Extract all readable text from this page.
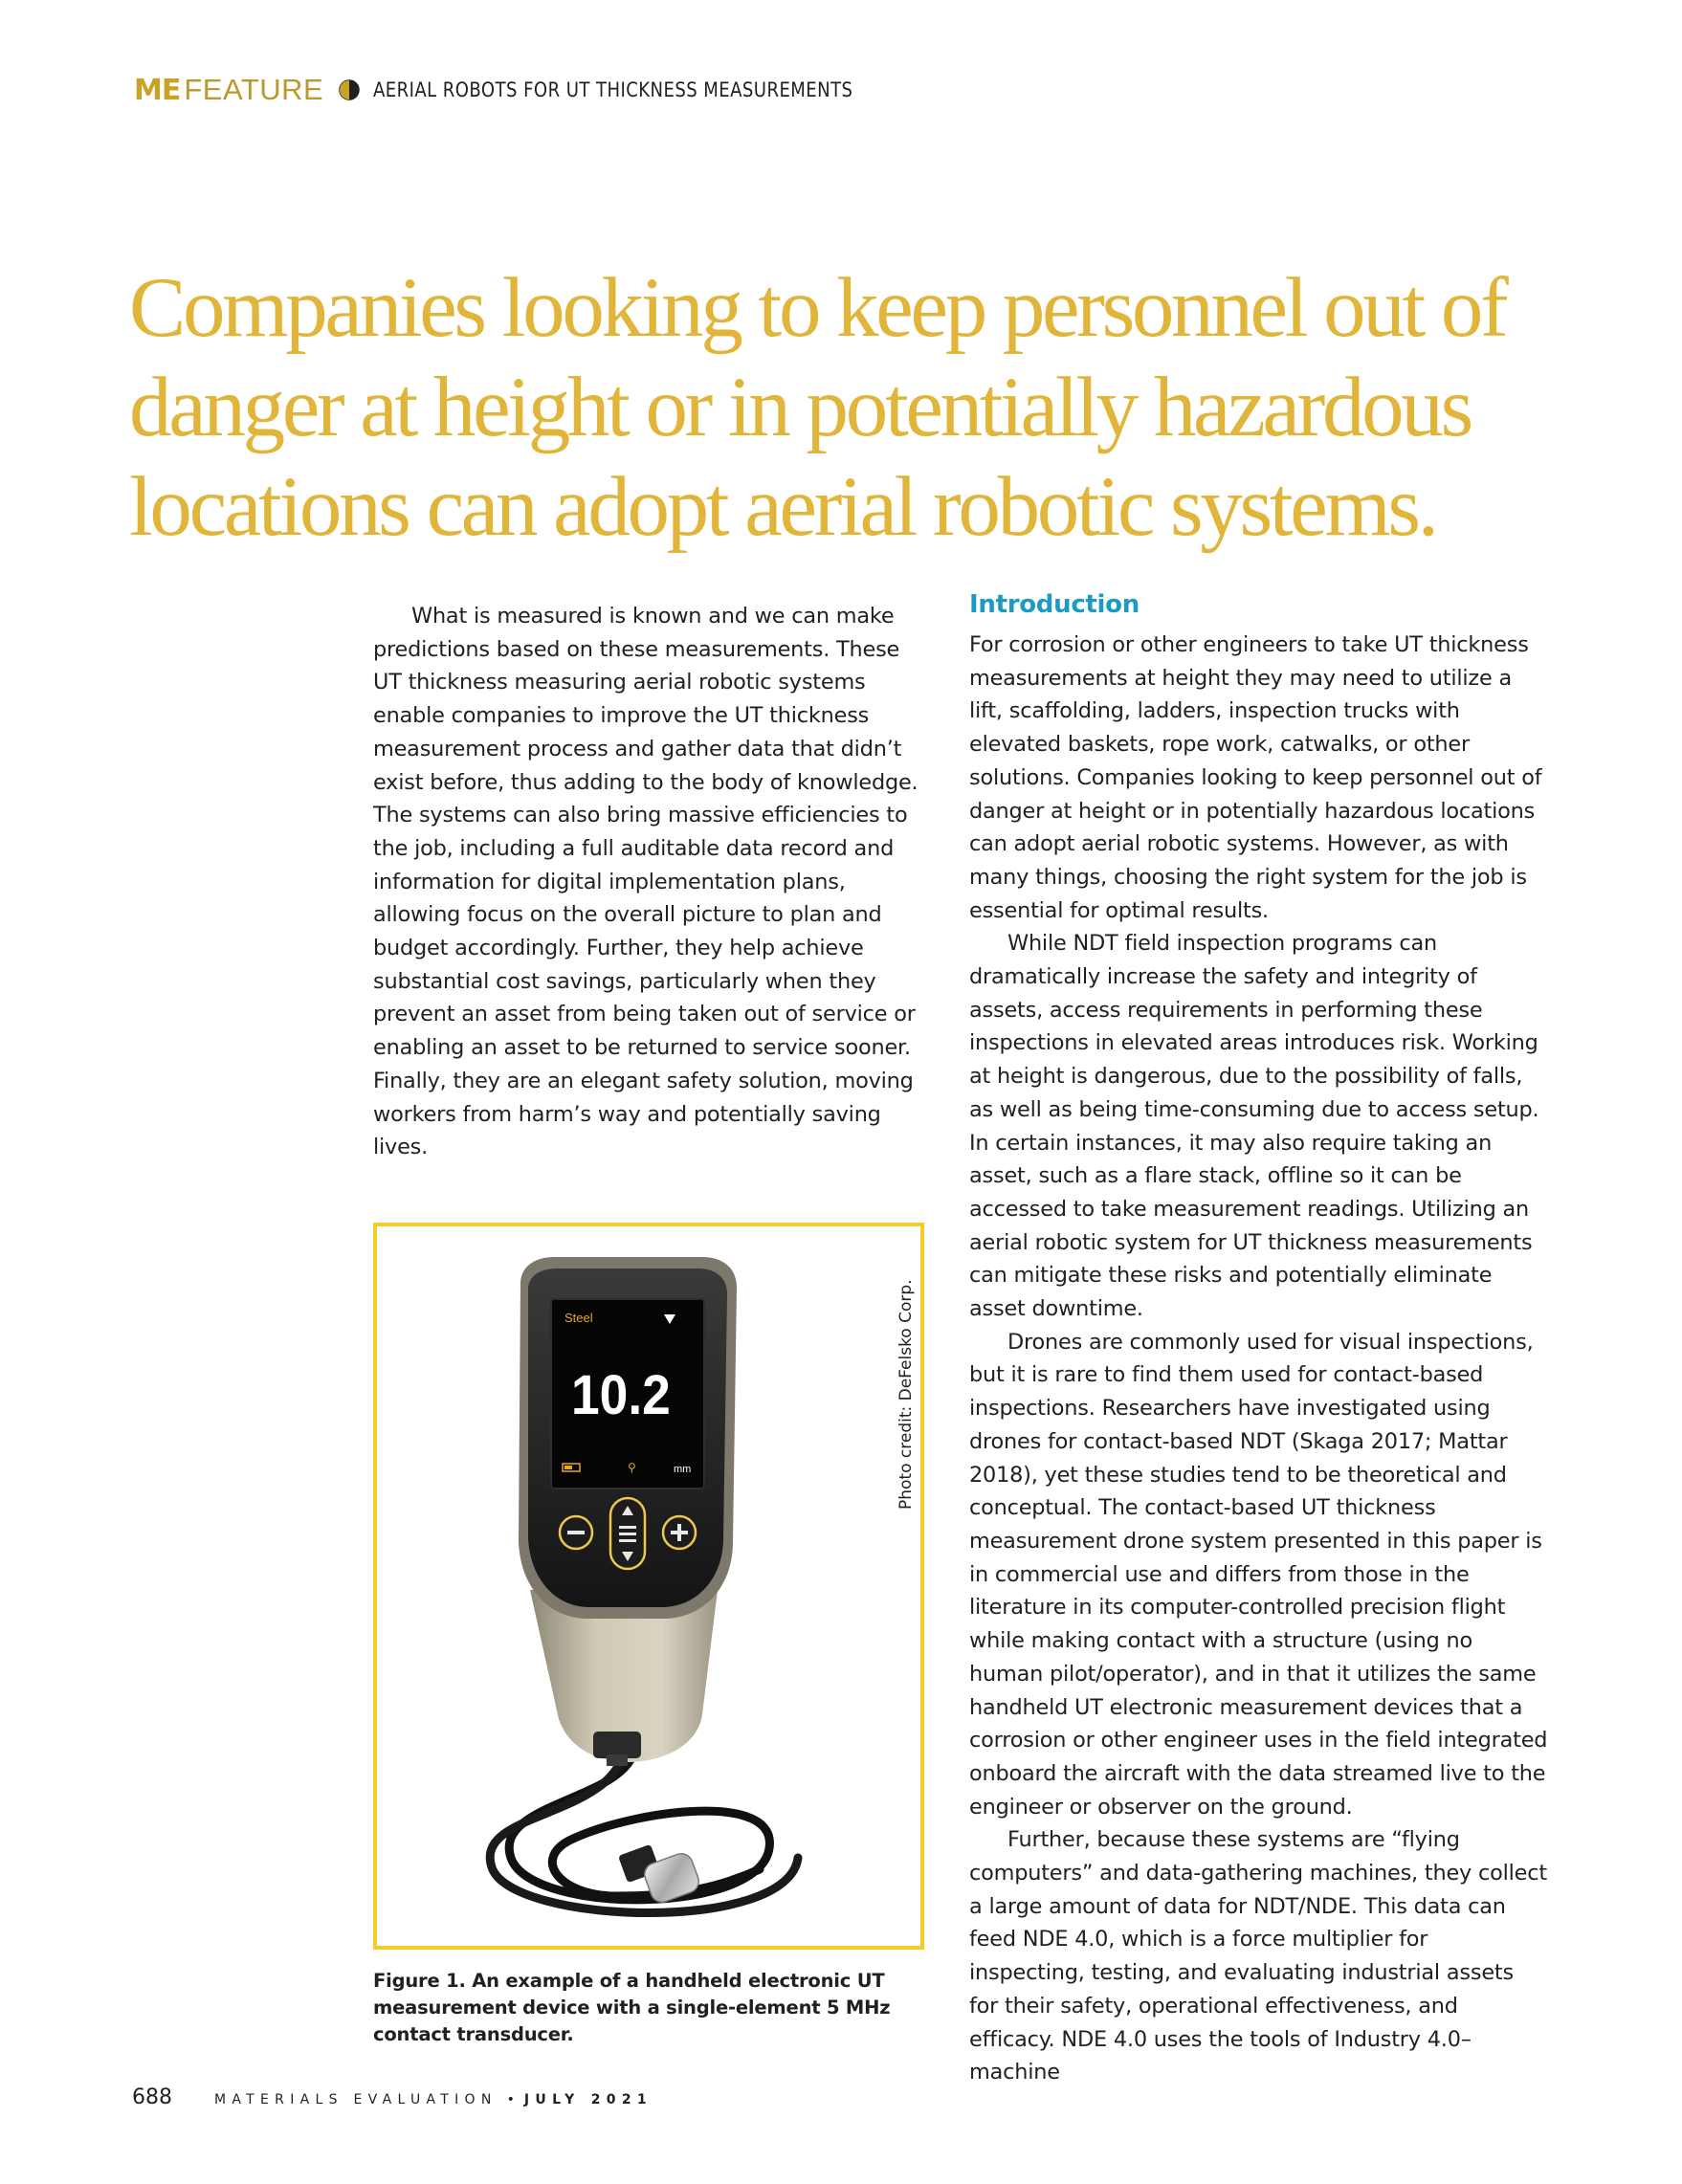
ME FEATURE AERIAL ROBOTS FOR UT THICKNESS MEASUREMENTS
Companies looking to keep personnel out of
danger at height or in potentially hazardous
locations can adopt aerial robotic systems.

What is measured is known and we can make predictions based on these measurements. These UT thickness measuring aerial robotic systems enable companies to improve the UT thickness measurement process and gather data that didn’t exist before, thus adding to the body of knowledge. The systems can also bring massive efficiencies to the job, including a full auditable data record and information for digital implementation plans, allowing focus on the overall picture to plan and budget accordingly. Further, they help achieve substantial cost savings, particularly when they prevent an asset from being taken out of service or enabling an asset to be returned to service sooner. Finally, they are an elegant safety solution, moving workers from harm’s way and potentially saving lives.

Steel
10.2
⚲	mm	Photo credit: DeFelsko Corp.

Figure 1. An example of a handheld electronic UT measurement device with a single-element 5 MHz contact transducer.

Introduction

For corrosion or other engineers to take UT thickness measurements at height they may need to utilize a lift, scaffolding, ladders, inspection trucks with elevated baskets, rope work, catwalks, or other solutions. Companies looking to keep personnel out of danger at height or in potentially hazardous locations can adopt aerial robotic systems. However, as with many things, choosing the right system for the job is essential for optimal results.

While NDT field inspection programs can dramatically increase the safety and integrity of assets, access requirements in performing these inspections in elevated areas introduces risk. Working at height is dangerous, due to the possibility of falls, as well as being time-consuming due to access setup. In certain instances, it may also require taking an asset, such as a flare stack, offline so it can be accessed to take measurement readings. Utilizing an aerial robotic system for UT thickness measurements can mitigate these risks and potentially eliminate asset downtime.

Drones are commonly used for visual inspections, but it is rare to find them used for contact-based inspections. Researchers have investigated using drones for contact-based NDT (Skaga 2017; Mattar 2018), yet these studies tend to be theoretical and conceptual. The contact-based UT thickness measurement drone system presented in this paper is in commercial use and differs from those in the literature in its computer-controlled precision flight while making contact with a structure (using no human pilot/operator), and in that it utilizes the same handheld UT electronic measurement devices that a corrosion or other engineer uses in the field integrated onboard the aircraft with the data streamed live to the engineer or observer on the ground.

Further, because these systems are “flying computers” and data-gathering machines, they collect a large amount of data for NDT/NDE. This data can feed NDE 4.0, which is a force multiplier for inspecting, testing, and evaluating industrial assets for their safety, operational effectiveness, and efficacy. NDE 4.0 uses the tools of Industry 4.0–machine

688	MATERIALS EVALUATION • JULY 2021
